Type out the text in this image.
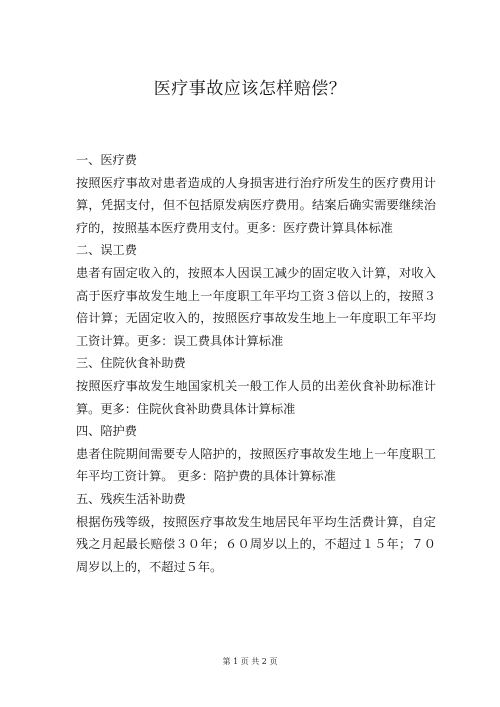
医疗事故应该怎样赔偿？
一、医疗费
按照医疗事故对患者造成的人身损害进行治疗所发生的医疗费用计算，凭据支付，但不包括原发病医疗费用。结案后确实需要继续治疗的，按照基本医疗费用支付。更多：医疗费计算具体标准
二、误工费
患者有固定收入的，按照本人因误工减少的固定收入计算，对收入高于医疗事故发生地上一年度职工年平均工资３倍以上的，按照３倍计算；无固定收入的，按照医疗事故发生地上一年度职工年平均工资计算。更多：误工费具体计算标准
三、住院伙食补助费
按照医疗事故发生地国家机关一般工作人员的出差伙食补助标准计算。更多：住院伙食补助费具体计算标准
四、陪护费
患者住院期间需要专人陪护的，按照医疗事故发生地上一年度职工年平均工资计算。 更多：陪护费的具体计算标准
五、残疾生活补助费
根据伤残等级，按照医疗事故发生地居民年平均生活费计算，自定残之月起最长赔偿３０年；６０周岁以上的，不超过１５年；７０周岁以上的，不超过５年。
第 1 页 共 2 页
